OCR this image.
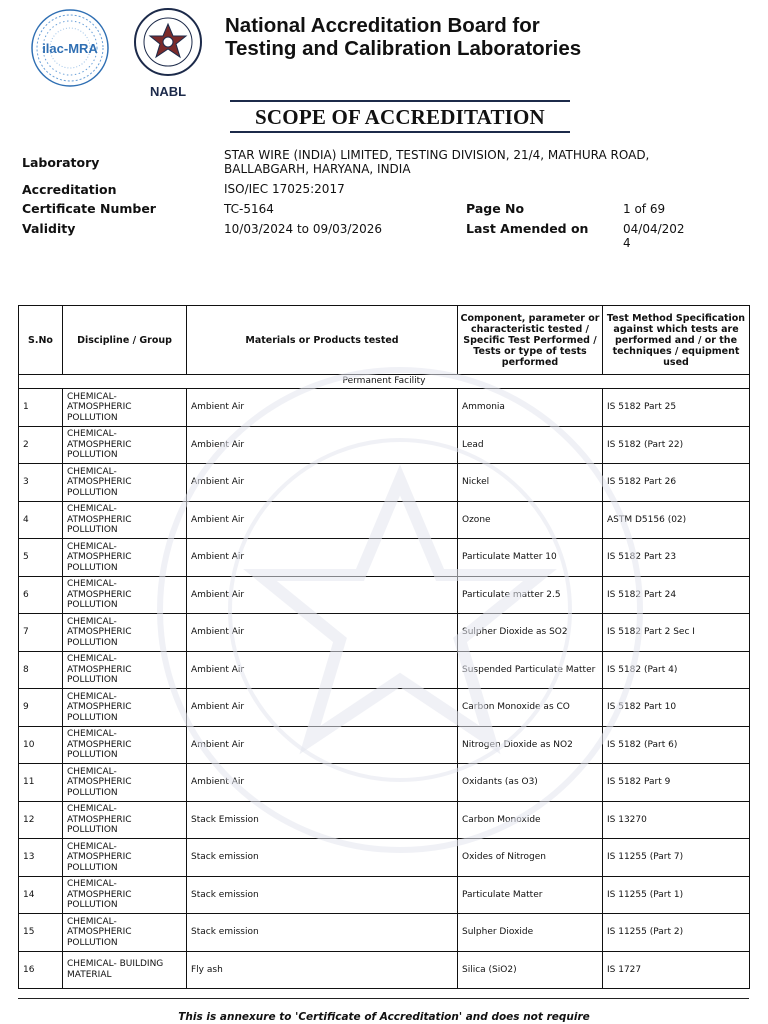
ilac-MRA
NABL
National Accreditation Board for
Testing and Calibration Laboratories
SCOPE OF ACCREDITATION
Laboratory	STAR WIRE (INDIA) LIMITED, TESTING DIVISION, 21/4, MATHURA ROAD, BALLABGARH, HARYANA, INDIA
Accreditation	ISO/IEC 17025:2017
Certificate Number	TC-5164
Validity	10/03/2024 to 09/03/2026
Page No	1 of 69
Last Amended on	04/04/2024
S.No	Discipline / Group	Materials or Products tested	Component, parameter or characteristic tested / Specific Test Performed / Tests or type of tests performed	Test Method Specification against which tests are performed and / or the techniques / equipment used
Permanent Facility				
1	CHEMICAL- ATMOSPHERIC POLLUTION	Ambient Air	Ammonia	IS 5182 Part 25
2	CHEMICAL- ATMOSPHERIC POLLUTION	Ambient Air	Lead	IS 5182 (Part 22)
3	CHEMICAL- ATMOSPHERIC POLLUTION	Ambient Air	Nickel	IS 5182 Part 26
4	CHEMICAL- ATMOSPHERIC POLLUTION	Ambient Air	Ozone	ASTM D5156 (02)
5	CHEMICAL- ATMOSPHERIC POLLUTION	Ambient Air	Particulate Matter 10	IS 5182 Part 23
6	CHEMICAL- ATMOSPHERIC POLLUTION	Ambient Air	Particulate matter 2.5	IS 5182 Part 24
7	CHEMICAL- ATMOSPHERIC POLLUTION	Ambient Air	Sulpher Dioxide as SO2	IS 5182 Part 2 Sec I
8	CHEMICAL- ATMOSPHERIC POLLUTION	Ambient Air	Suspended Particulate Matter	IS 5182 (Part 4)
9	CHEMICAL- ATMOSPHERIC POLLUTION	Ambient Air	Carbon Monoxide as CO	IS 5182 Part 10
10	CHEMICAL- ATMOSPHERIC POLLUTION	Ambient Air	Nitrogen Dioxide as NO2	IS 5182 (Part 6)
11	CHEMICAL- ATMOSPHERIC POLLUTION	Ambient Air	Oxidants (as O3)	IS 5182 Part 9
12	CHEMICAL- ATMOSPHERIC POLLUTION	Stack Emission	Carbon Monoxide	IS 13270
13	CHEMICAL- ATMOSPHERIC POLLUTION	Stack emission	Oxides of Nitrogen	IS 11255 (Part 7)
14	CHEMICAL- ATMOSPHERIC POLLUTION	Stack emission	Particulate Matter	IS 11255 (Part 1)
15	CHEMICAL- ATMOSPHERIC POLLUTION	Stack emission	Sulpher Dioxide	IS 11255 (Part 2)
16	CHEMICAL- BUILDING MATERIAL	Fly ash	Silica (SiO2)	IS 1727
This is annexure to 'Certificate of Accreditation' and does not require
